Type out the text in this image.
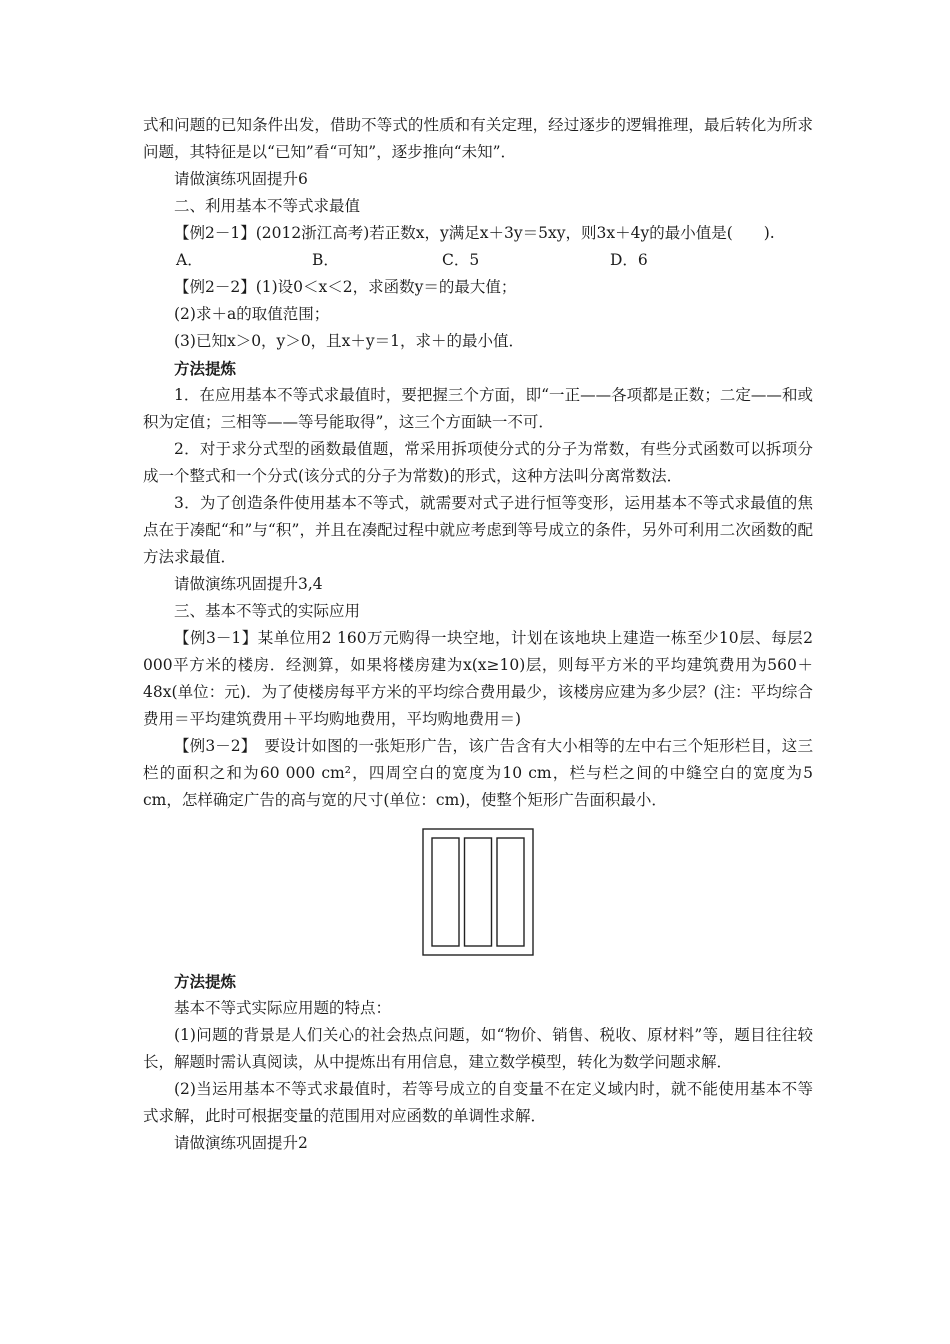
式和问题的已知条件出发，借助不等式的性质和有关定理，经过逐步的逻辑推理，最后转化为所求问题，其特征是以“已知”看“可知”，逐步推向“未知”．

请做演练巩固提升6

二、利用基本不等式求最值

【例2－1】(2012浙江高考)若正数x，y满足x＋3y＝5xy，则3x＋4y的最小值是(　　).

A．	B．	C．5	D．6

【例2－2】(1)设0＜x＜2，求函数y＝的最大值；

(2)求＋a的取值范围；

(3)已知x＞0，y＞0，且x＋y＝1，求＋的最小值．

方法提炼

1．在应用基本不等式求最值时，要把握三个方面，即“一正——各项都是正数；二定——和或积为定值；三相等——等号能取得”，这三个方面缺一不可．

2．对于求分式型的函数最值题，常采用拆项使分式的分子为常数，有些分式函数可以拆项分成一个整式和一个分式(该分式的分子为常数)的形式，这种方法叫分离常数法．

3．为了创造条件使用基本不等式，就需要对式子进行恒等变形，运用基本不等式求最值的焦点在于凑配“和”与“积”，并且在凑配过程中就应考虑到等号成立的条件，另外可利用二次函数的配方法求最值．

请做演练巩固提升3,4

三、基本不等式的实际应用

【例3－1】某单位用2 160万元购得一块空地，计划在该地块上建造一栋至少10层、每层2 000平方米的楼房．经测算，如果将楼房建为x(x≥10)层，则每平方米的平均建筑费用为560＋48x(单位：元)．为了使楼房每平方米的平均综合费用最少，该楼房应建为多少层？(注：平均综合费用＝平均建筑费用＋平均购地费用，平均购地费用＝)

【例3－2】　要设计如图的一张矩形广告，该广告含有大小相等的左中右三个矩形栏目，这三栏的面积之和为60 000 cm²，四周空白的宽度为10 cm，栏与栏之间的中缝空白的宽度为5 cm，怎样确定广告的高与宽的尺寸(单位：cm)，使整个矩形广告面积最小．

方法提炼

基本不等式实际应用题的特点：

(1)问题的背景是人们关心的社会热点问题，如“物价、销售、税收、原材料”等，题目往往较长，解题时需认真阅读，从中提炼出有用信息，建立数学模型，转化为数学问题求解．

(2)当运用基本不等式求最值时，若等号成立的自变量不在定义域内时，就不能使用基本不等式求解，此时可根据变量的范围用对应函数的单调性求解．

请做演练巩固提升2
